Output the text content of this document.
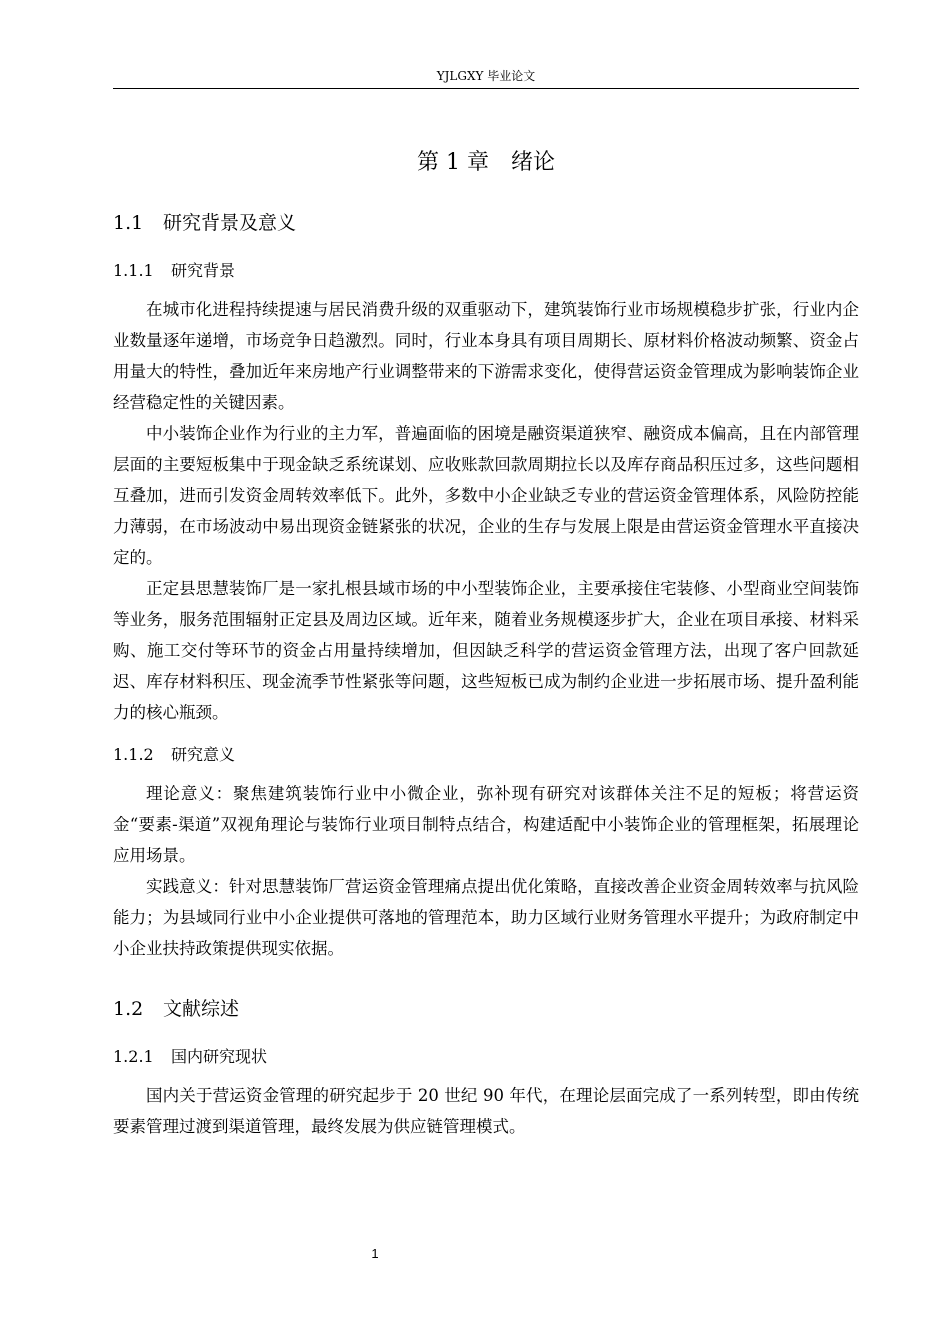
YJLGXY 毕业论文
第 1 章　绪论
1.1 研究背景及意义
1.1.1 研究背景

在城市化进程持续提速与居民消费升级的双重驱动下，建筑装饰行业市场规模稳步扩张，行业内企业数量逐年递增，市场竞争日趋激烈。同时，行业本身具有项目周期长、原材料价格波动频繁、资金占用量大的特性，叠加近年来房地产行业调整带来的下游需求变化，使得营运资金管理成为影响装饰企业经营稳定性的关键因素。

中小装饰企业作为行业的主力军，普遍面临的困境是融资渠道狭窄、融资成本偏高，且在内部管理层面的主要短板集中于现金缺乏系统谋划、应收账款回款周期拉长以及库存商品积压过多，这些问题相互叠加，进而引发资金周转效率低下。此外，多数中小企业缺乏专业的营运资金管理体系，风险防控能力薄弱，在市场波动中易出现资金链紧张的状况，企业的生存与发展上限是由营运资金管理水平直接决定的。

正定县思慧装饰厂是一家扎根县域市场的中小型装饰企业，主要承接住宅装修、小型商业空间装饰等业务，服务范围辐射正定县及周边区域。近年来，随着业务规模逐步扩大，企业在项目承接、材料采购、施工交付等环节的资金占用量持续增加，但因缺乏科学的营运资金管理方法，出现了客户回款延迟、库存材料积压、现金流季节性紧张等问题，这些短板已成为制约企业进一步拓展市场、提升盈利能力的核心瓶颈。

1.1.2 研究意义

理论意义：聚焦建筑装饰行业中小微企业，弥补现有研究对该群体关注不足的短板；将营运资金“要素-渠道”双视角理论与装饰行业项目制特点结合，构建适配中小装饰企业的管理框架，拓展理论应用场景。

实践意义：针对思慧装饰厂营运资金管理痛点提出优化策略，直接改善企业资金周转效率与抗风险能力；为县域同行业中小企业提供可落地的管理范本，助力区域行业财务管理水平提升；为政府制定中小企业扶持政策提供现实依据。

1.2 文献综述
1.2.1 国内研究现状

国内关于营运资金管理的研究起步于 20 世纪 90 年代，在理论层面完成了一系列转型，即由传统要素管理过渡到渠道管理，最终发展为供应链管理模式。

1
